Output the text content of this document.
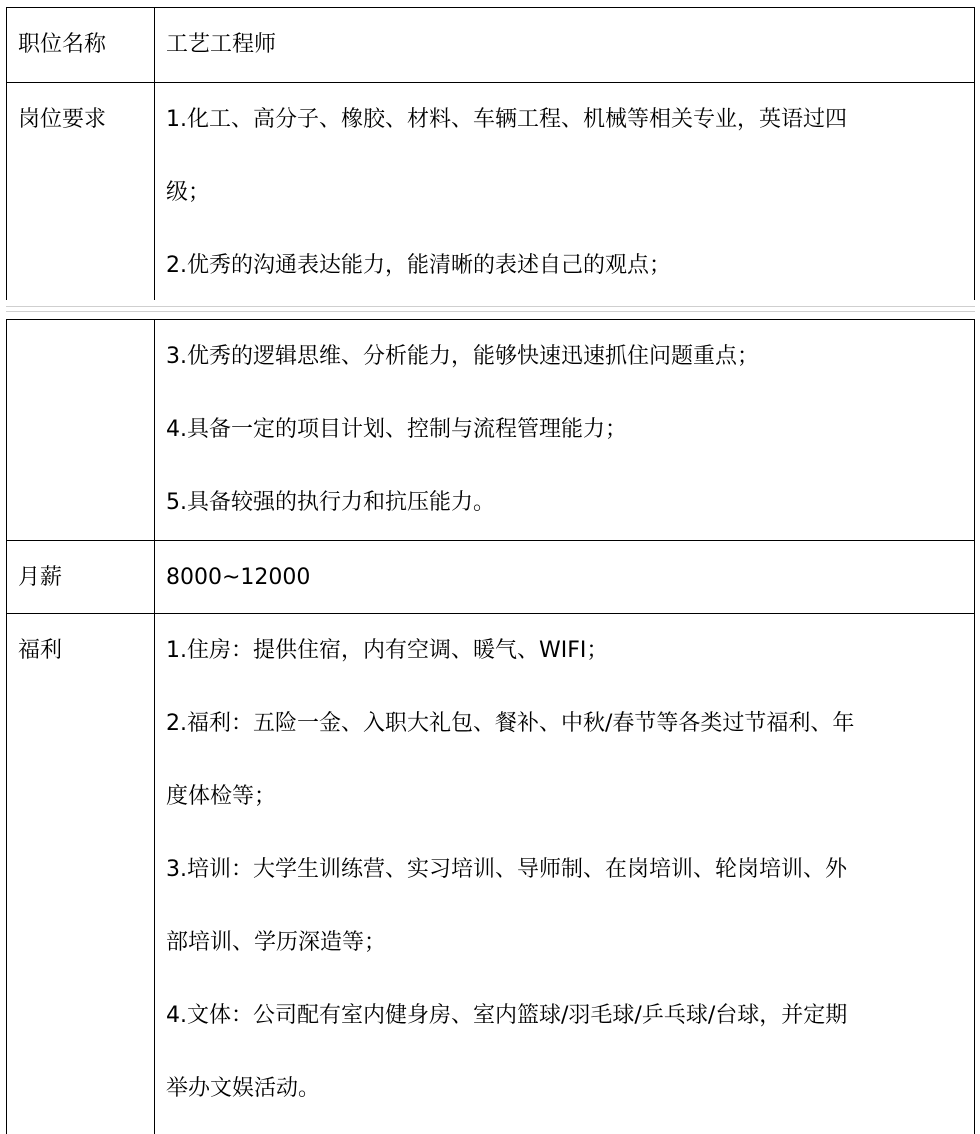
职位名称	工艺工程师
岗位要求	1.化工、高分子、橡胶、材料、车辆工程、机械等相关专业，英语过四
级；
2.优秀的沟通表达能力，能清晰的表述自己的观点；
3.优秀的逻辑思维、分析能力，能够快速迅速抓住问题重点；
4.具备一定的项目计划、控制与流程管理能力；
5.具备较强的执行力和抗压能力。
月薪	8000~12000
福利	1.住房：提供住宿，内有空调、暖气、WIFI；
2.福利：五险一金、入职大礼包、餐补、中秋/春节等各类过节福利、年
度体检等；
3.培训：大学生训练营、实习培训、导师制、在岗培训、轮岗培训、外
部培训、学历深造等；
4.文体：公司配有室内健身房、室内篮球/羽毛球/乒乓球/台球，并定期
举办文娱活动。
